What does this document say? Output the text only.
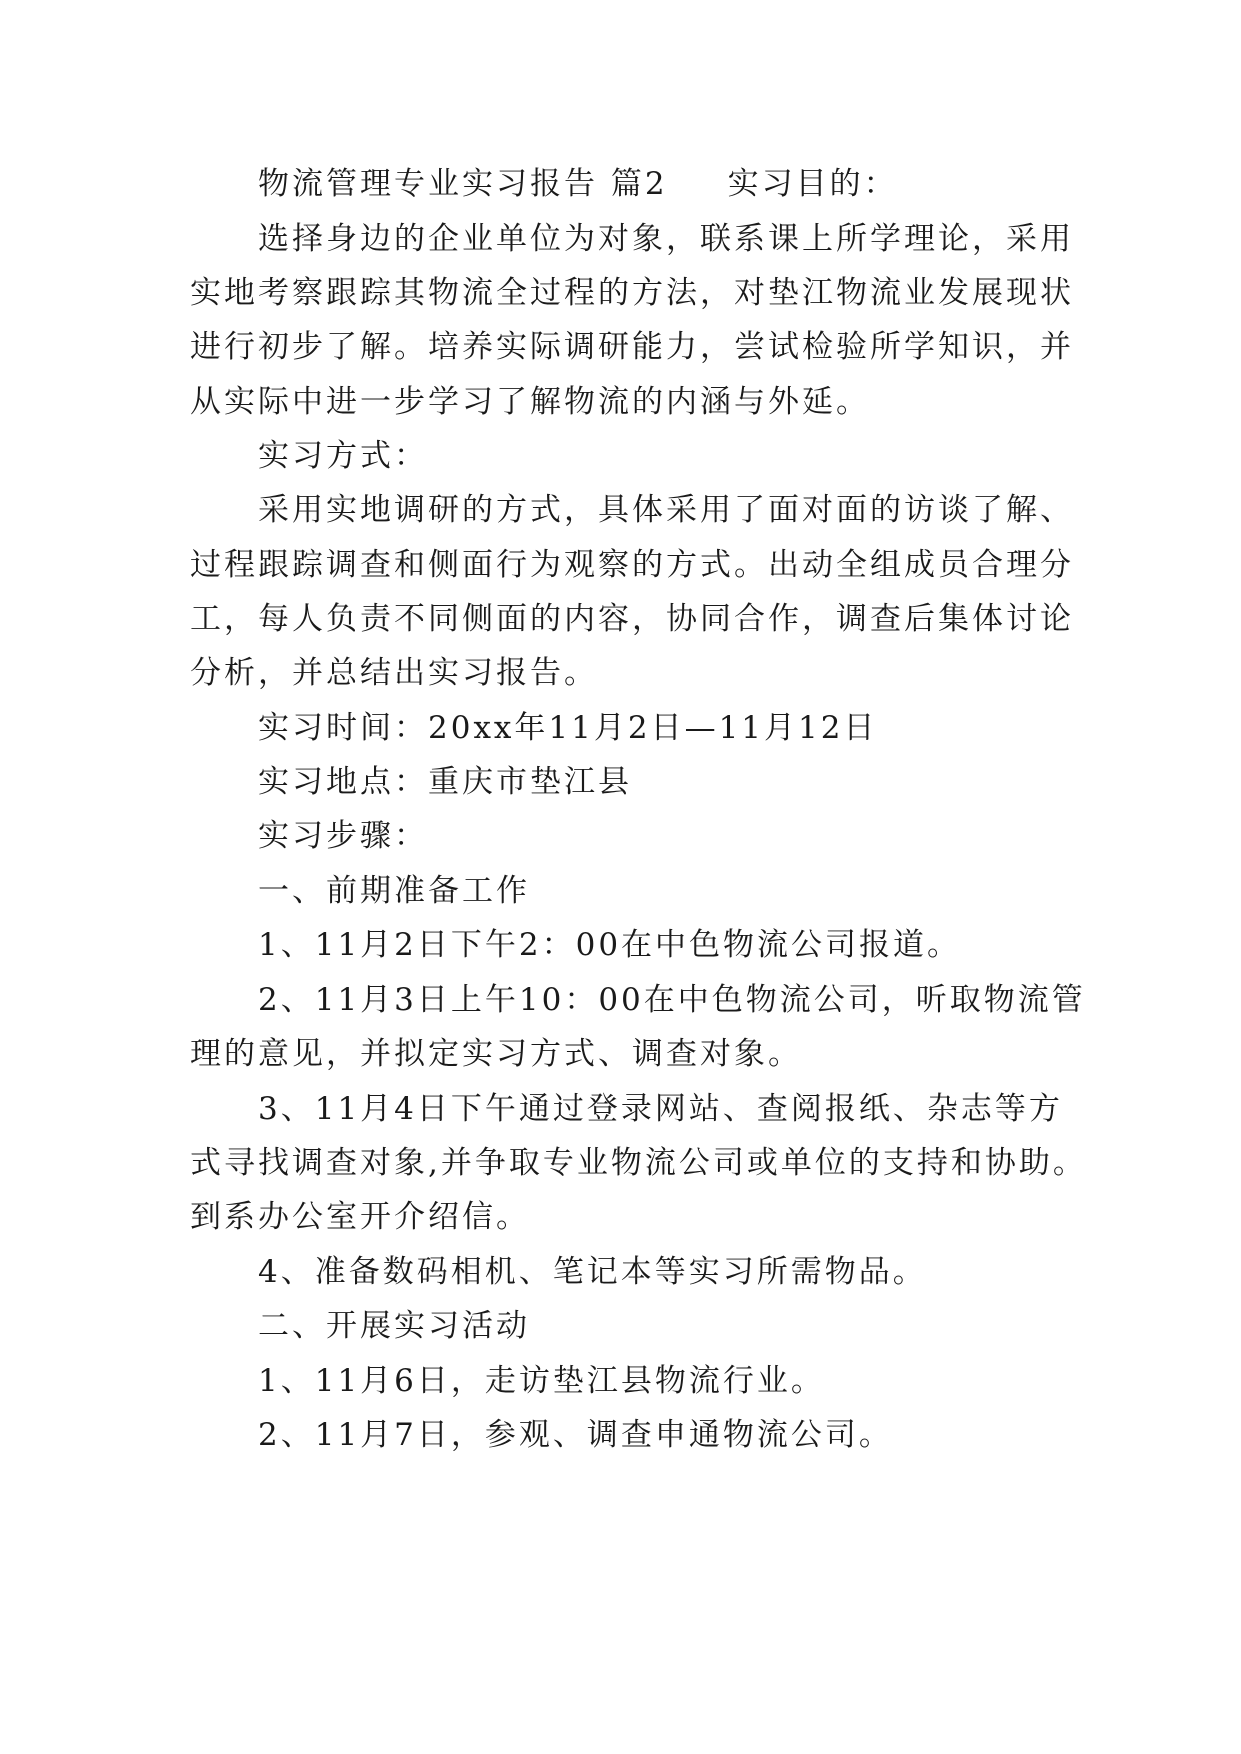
物流管理专业实习报告 篇2 实习目的：
选择身边的企业单位为对象，联系课上所学理论，采用
实地考察跟踪其物流全过程的方法，对垫江物流业发展现状
进行初步了解。培养实际调研能力，尝试检验所学知识，并
从实际中进一步学习了解物流的内涵与外延。
实习方式：
采用实地调研的方式，具体采用了面对面的访谈了解、
过程跟踪调查和侧面行为观察的方式。出动全组成员合理分
工，每人负责不同侧面的内容，协同合作，调查后集体讨论
分析，并总结出实习报告。
实习时间：20xx年11月2日—11月12日
实习地点：重庆市垫江县
实习步骤：
一、前期准备工作
1、11月2日下午2：00在中色物流公司报道。
2、11月3日上午10：00在中色物流公司，听取物流管
理的意见，并拟定实习方式、调查对象。
3、11月4日下午通过登录网站、查阅报纸、杂志等方
式寻找调查对象,并争取专业物流公司或单位的支持和协助。
到系办公室开介绍信。
4、准备数码相机、笔记本等实习所需物品。
二、开展实习活动
1、11月6日，走访垫江县物流行业。
2、11月7日，参观、调查申通物流公司。
